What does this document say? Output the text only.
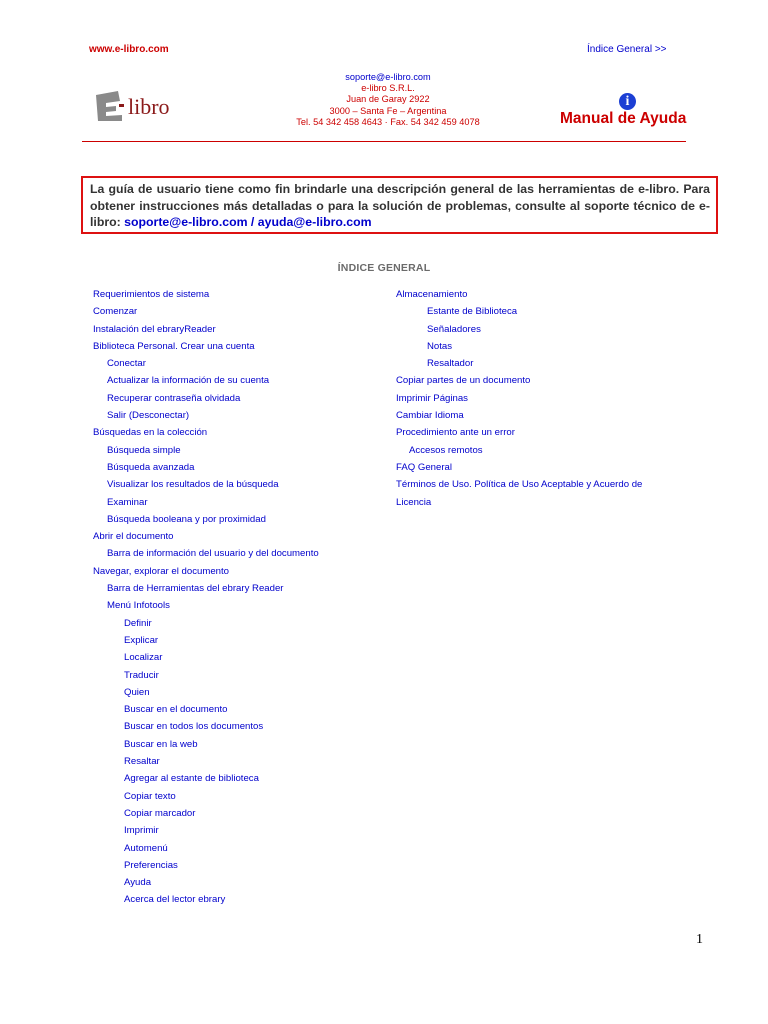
www.e-libro.com	Índice General >>
soporte@e-libro.com
e-libro S.R.L.
Juan de Garay 2922
3000 – Santa Fe – Argentina
Tel. 54 342 458 4643 · Fax. 54 342 459 4078
libro	i
Manual de Ayuda
La guía de usuario tiene como fin brindarle una descripción general de las herramientas de e-libro. Para obtener instrucciones más detalladas o para la solución de problemas, consulte al soporte técnico de e-libro: soporte@e-libro.com / ayuda@e-libro.com
ÍNDICE GENERAL
Requerimientos de sistema
Comenzar
Instalación del ebraryReader
Biblioteca Personal. Crear una cuenta
Conectar
Actualizar la información de su cuenta
Recuperar contraseña olvidada
Salir (Desconectar)
Búsquedas en la colección
Búsqueda simple
Búsqueda avanzada
Visualizar los resultados de la búsqueda
Examinar
Búsqueda booleana y por proximidad
Abrir el documento
Barra de información del usuario y del documento
Navegar, explorar el documento
Barra de Herramientas del ebrary Reader
Menú Infotools
Definir
Explicar
Localizar
Traducir
Quien
Buscar en el documento
Buscar en todos los documentos
Buscar en la web
Resaltar
Agregar al estante de biblioteca
Copiar texto
Copiar marcador
Imprimir
Automenú
Preferencias
Ayuda
Acerca del lector ebrary
Almacenamiento
Estante de Biblioteca
Señaladores
Notas
Resaltador
Copiar partes de un documento
Imprimir Páginas
Cambiar Idioma
Procedimiento ante un error
Accesos remotos
FAQ General
Términos de Uso. Política de Uso Aceptable y Acuerdo de
Licencia
1
